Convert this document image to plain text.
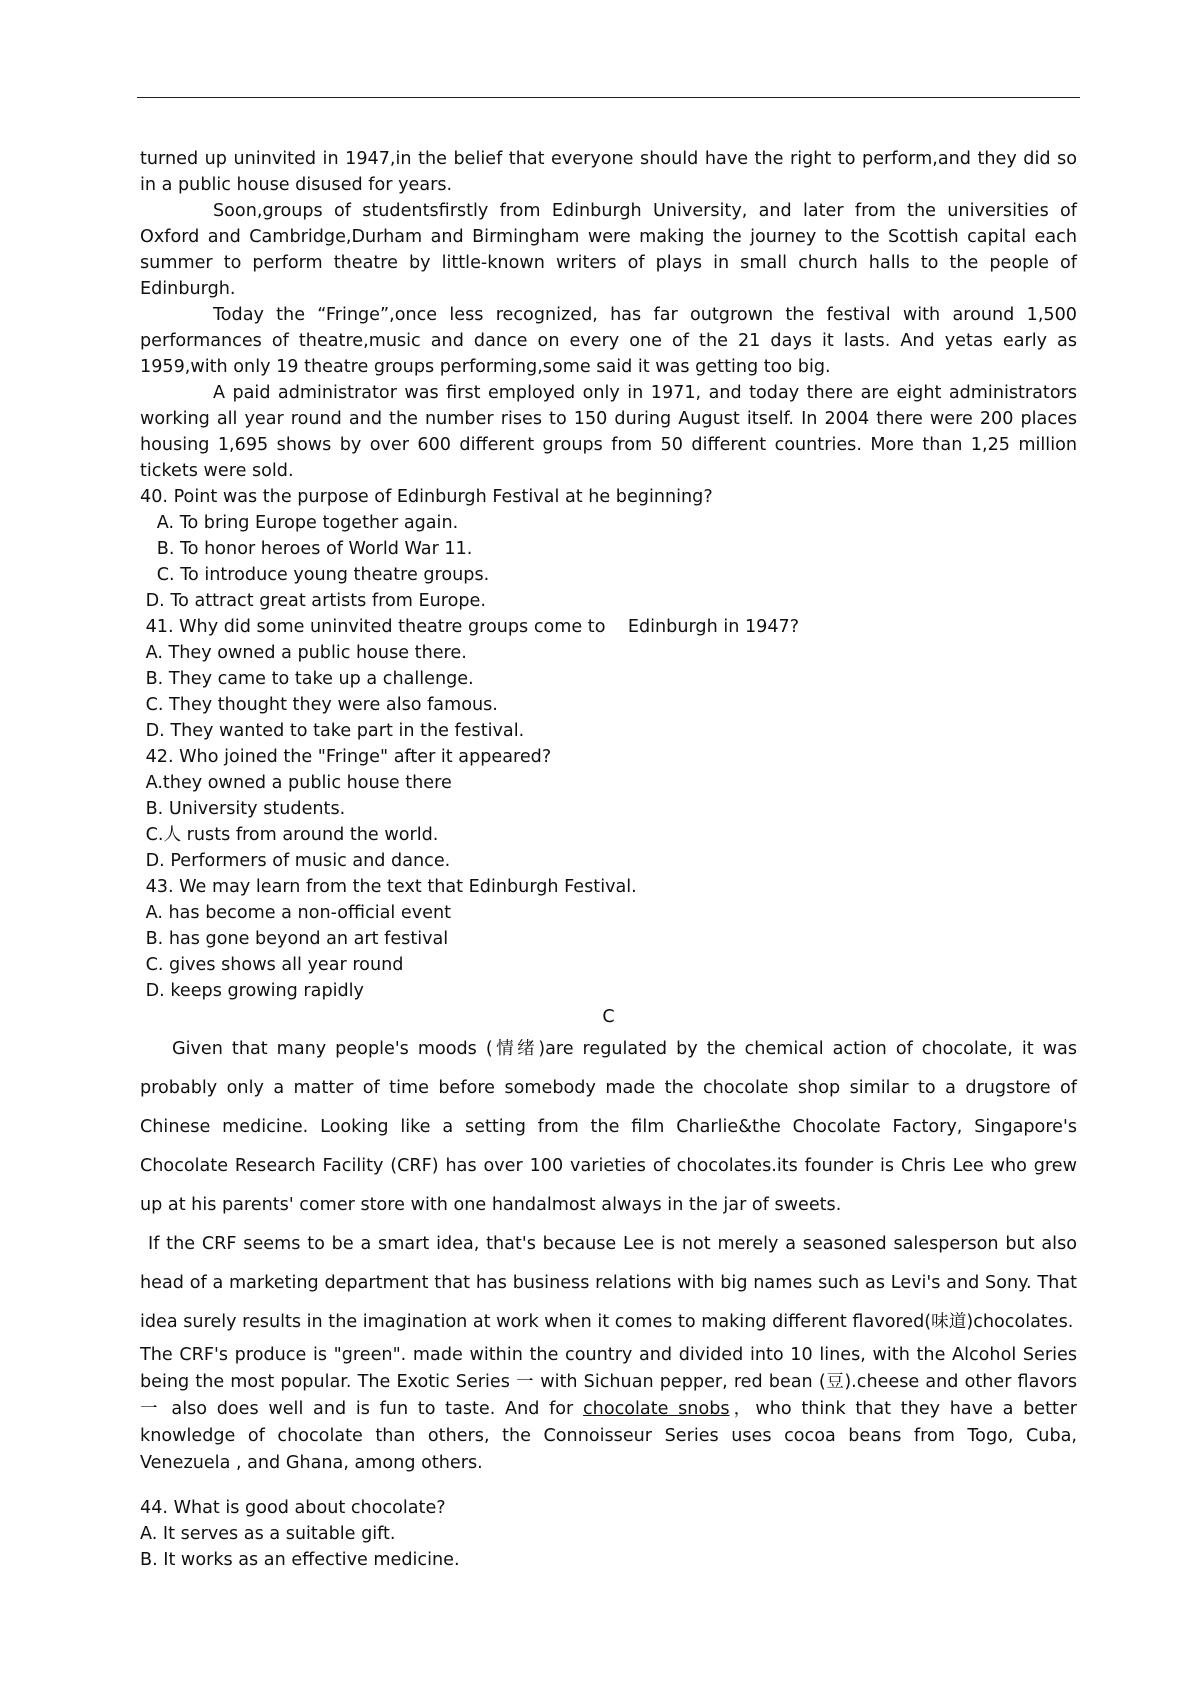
turned up uninvited in 1947,in the belief that everyone should have the right to perform,and they did so in a public house disused for years.

Soon,groups of studentsfirstly from Edinburgh University, and later from the universities of Oxford and Cambridge,Durham and Birmingham were making the journey to the Scottish capital each summer to perform theatre by little-known writers of plays in small church halls to the people of Edinburgh.

Today the “Fringe”,once less recognized, has far outgrown the festival with around 1,500 performances of theatre,music and dance on every one of the 21 days it lasts. And yetas early as 1959,with only 19 theatre groups performing,some said it was getting too big.

A paid administrator was first employed only in 1971, and today there are eight administrators working all year round and the number rises to 150 during August itself. In 2004 there were 200 places housing 1,695 shows by over 600 different groups from 50 different countries. More than 1,25 million tickets were sold.

40. Point was the purpose of Edinburgh Festival at he beginning?

A. To bring Europe together again.

B. To honor heroes of World War 11.

C. To introduce young theatre groups.

D. To attract great artists from Europe.

41. Why did some uninvited theatre groups come to    Edinburgh in 1947?

A. They owned a public house there.

B. They came to take up a challenge.

C. They thought they were also famous.

D. They wanted to take part in the festival.

42. Who joined the "Fringe" after it appeared?

A.they owned a public house there

B. University students.

C.人 rusts from around the world.

D. Performers of music and dance.

43. We may learn from the text that Edinburgh Festival.

A. has become a non-official event

B. has gone beyond an art festival

C. gives shows all year round

D. keeps growing rapidly

C

Given that many people's moods (情绪)are regulated by the chemical action of chocolate, it was probably only a matter of time before somebody made the chocolate shop similar to a drugstore of Chinese medicine. Looking like a setting from the film Charlie&the Chocolate Factory, Singapore's Chocolate Research Facility (CRF) has over 100 varieties of chocolates.its founder is Chris Lee who grew up at his parents' comer store with one handalmost always in the jar of sweets.

If the CRF seems to be a smart idea, that's because Lee is not merely a seasoned salesperson but also head of a marketing department that has business relations with big names such as Levi's and Sony. That idea surely results in the imagination at work when it comes to making different flavored(味道)chocolates.

The CRF's produce is "green". made within the country and divided into 10 lines, with the Alcohol Series being the most popular. The Exotic Series 一 with Sichuan pepper, red bean (豆).cheese and other flavors 一 also does well and is fun to taste. And for chocolate snobs，who think that they have a better knowledge of chocolate than others, the Connoisseur Series uses cocoa beans from Togo, Cuba, Venezuela , and Ghana, among others.

44. What is good about chocolate?

A. It serves as a suitable gift.

B. It works as an effective medicine.
